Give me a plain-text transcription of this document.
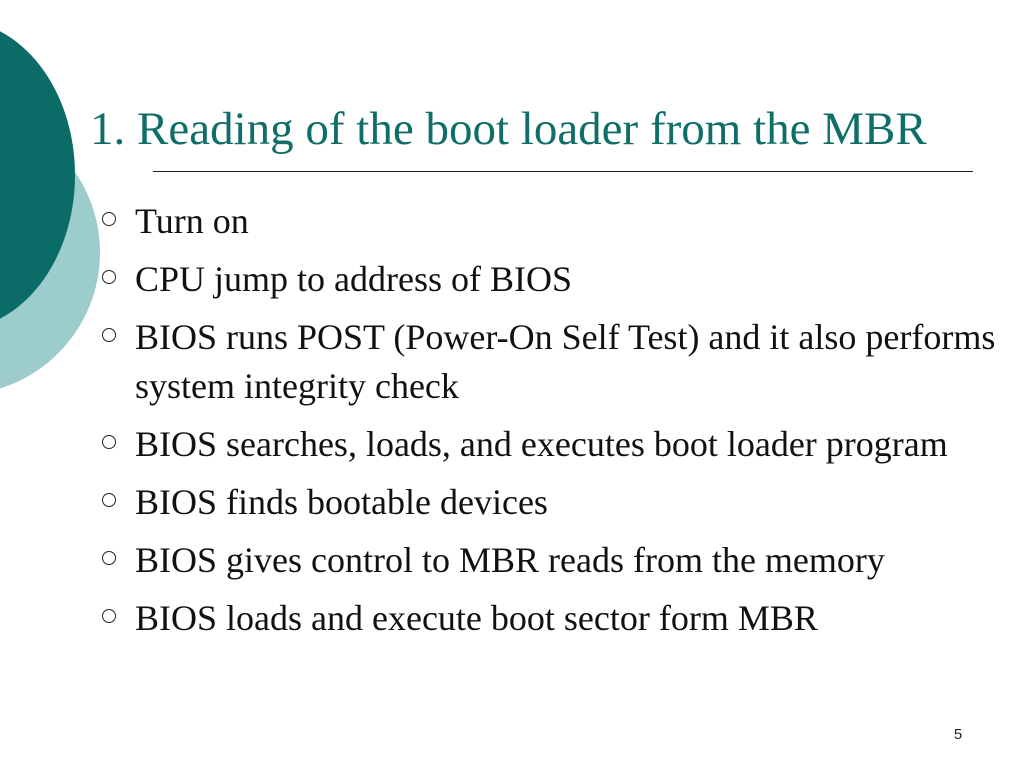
1. Reading of the boot loader from the MBR
Turn on
CPU jump to address of BIOS
BIOS runs POST (Power-On Self Test) and it also performs system integrity check
BIOS searches, loads, and executes boot loader program
BIOS finds bootable devices
BIOS gives control to MBR reads from the memory
BIOS loads and execute boot sector form MBR
5
